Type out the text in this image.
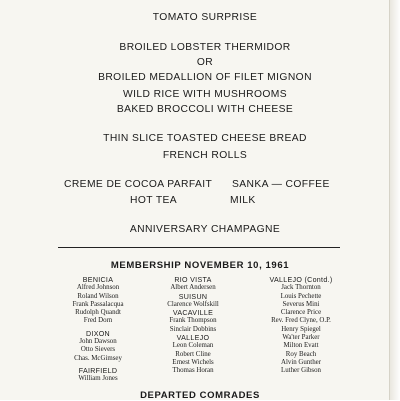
TOMATO SURPRISE
BROILED LOBSTER THERMIDOR
OR
BROILED MEDALLION OF FILET MIGNON
WILD RICE WITH MUSHROOMS
BAKED BROCCOLI WITH CHEESE
THIN SLICE TOASTED CHEESE BREAD
FRENCH ROLLS
CREME DE COCOA PARFAIT SANKA — COFFEE
HOT TEA	MILK
ANNIVERSARY CHAMPAGNE
MEMBERSHIP NOVEMBER 10, 1961
BENICIA
Alfred Johnson
Roland Wilson
Frank Passalacqua
Rudolph Quandt
Fred Dorn
DIXON
John Dawson
Otto Sievers
Chas. McGimsey
FAIRFIELD
William Jones
RIO VISTA
Albert Andersen
SUISUN
Clarence Wolfskill
VACAVILLE
Frank Thompson
Sinclair Dobbins
VALLEJO
Leon Coleman
Robert Cline
Ernest Wichels
Thomas Horan
VALLEJO (Contd.)
Jack Thornton
Louis Pechette
Severus Mini
Clarence Price
Rev. Fred Clyne, O.P.
Henry Spiegel
Wa'ter Parker
Milton Evatt
Roy Beach
Alvin Gunther
Luther Gibson
DEPARTED COMRADES
